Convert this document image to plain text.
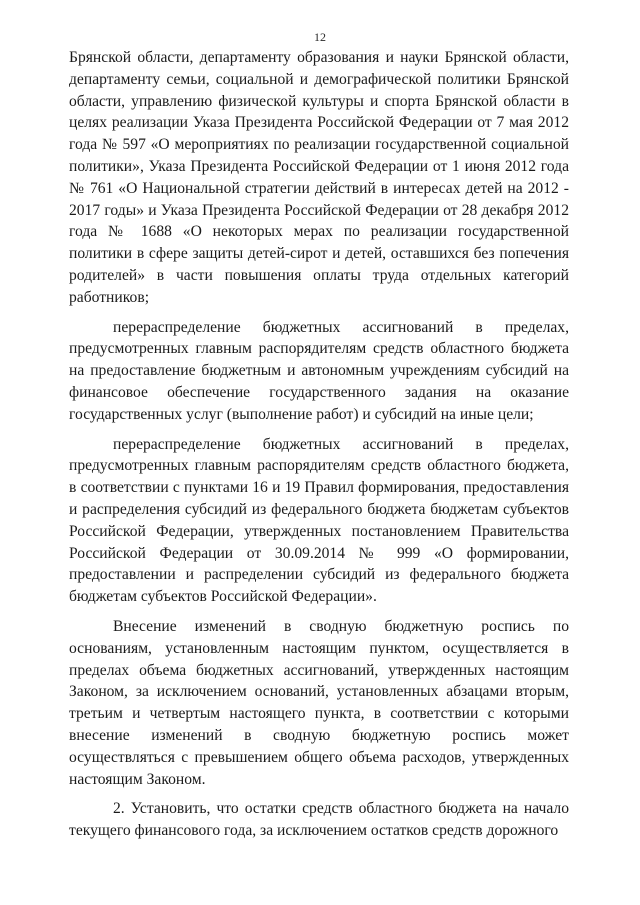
12

Брянской области, департаменту образования и науки Брянской области, департаменту семьи, социальной и демографической политики Брянской области, управлению физической культуры и спорта Брянской области в целях реализации Указа Президента Российской Федерации от 7 мая 2012 года № 597 «О мероприятиях по реализации государственной социальной политики», Указа Президента Российской Федерации от 1 июня 2012 года № 761 «О Национальной стратегии действий в интересах детей на 2012 - 2017 годы» и Указа Президента Российской Федерации от 28 декабря 2012 года № 1688 «О некоторых мерах по реализации государственной политики в сфере защиты детей-сирот и детей, оставшихся без попечения родителей» в части повышения оплаты труда отдельных категорий работников;

перераспределение бюджетных ассигнований в пределах, предусмотренных главным распорядителям средств областного бюджета на предоставление бюджетным и автономным учреждениям субсидий на финансовое обеспечение государственного задания на оказание государственных услуг (выполнение работ) и субсидий на иные цели;

перераспределение бюджетных ассигнований в пределах, предусмотренных главным распорядителям средств областного бюджета, в соответствии с пунктами 16 и 19 Правил формирования, предоставления и распределения субсидий из федерального бюджета бюджетам субъектов Российской Федерации, утвержденных постановлением Правительства Российской Федерации от 30.09.2014 № 999 «О формировании, предоставлении и распределении субсидий из федерального бюджета бюджетам субъектов Российской Федерации».

Внесение изменений в сводную бюджетную роспись по основаниям, установленным настоящим пунктом, осуществляется в пределах объема бюджетных ассигнований, утвержденных настоящим Законом, за исключением оснований, установленных абзацами вторым, третьим и четвертым настоящего пункта, в соответствии с которыми внесение изменений в сводную бюджетную роспись может осуществляться с превышением общего объема расходов, утвержденных настоящим Законом.

2. Установить, что остатки средств областного бюджета на начало текущего финансового года, за исключением остатков средств дорожного
